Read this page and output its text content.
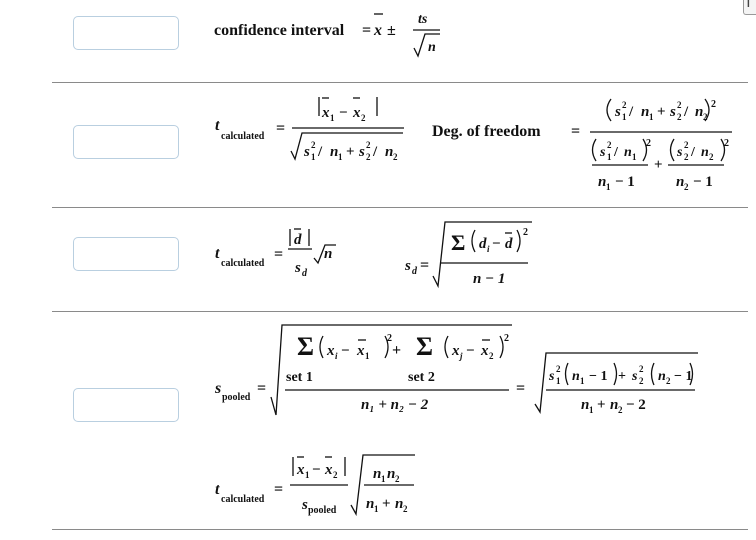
I
confidence interval = x ±
ts
n
t
calculated =
x 1 − x 2
s 2
1 / n 1 + s 2
2 / n 2
Deg. of freedom =
s 2
1 / n 1 + s 2
2 / n 2
2
s 2
1 / n 1
2
+
s 2
2 / n 2
2
n 1 − 1	n 2 − 1
t
calculated
=
d
s d
n
s d =
Σ d i − d
2
n − 1
s
pooled
=
Σ x i − x 1
2
+ Σ x j − x 2
2
set 1	set 2
n₁ + n₂ − 2
=
s 2
1 n 1 − 1 + s 2
2 n 2 − 1
n 1 + n 2 − 2
t
calculated
=
x 1 − x 2
s pooled
n 1 n 2
n 1 + n 2
